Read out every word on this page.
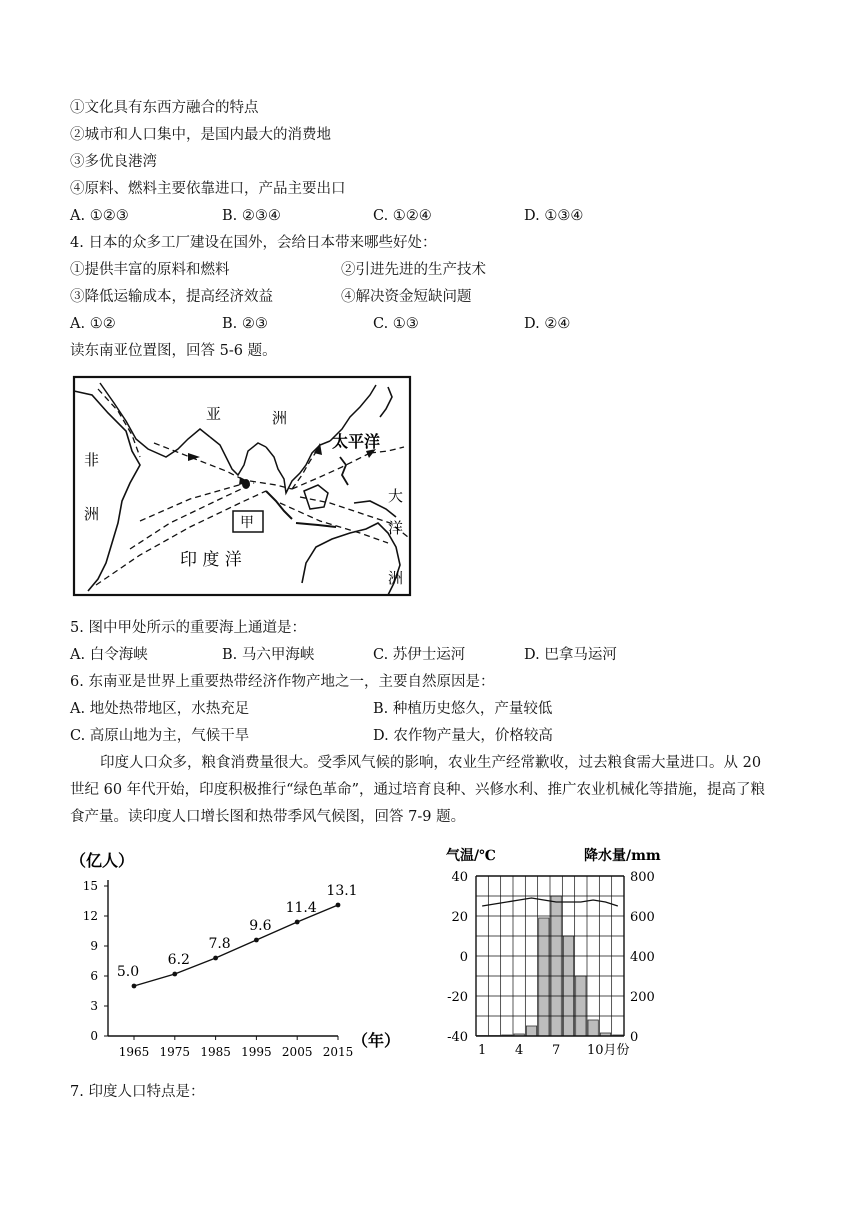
①文化具有东西方融合的特点
②城市和人口集中，是国内最大的消费地
③多优良港湾
④原料、燃料主要依靠进口，产品主要出口
A. ①②③	B. ②③④	C. ①②④	D. ①③④
4. 日本的众多工厂建设在国外，会给日本带来哪些好处：
①提供丰富的原料和燃料	②引进先进的生产技术
③降低运输成本，提高经济效益	④解决资金短缺问题
A. ①②	B. ②③	C. ①③	D. ②④
读东南亚位置图，回答 5-6 题。
亚	洲
非
洲
太平洋
大
洋
洲
印 度 洋
甲
5. 图中甲处所示的重要海上通道是：
A. 白令海峡	B. 马六甲海峡	C. 苏伊士运河	D. 巴拿马运河
6. 东南亚是世界上重要热带经济作物产地之一，主要自然原因是：
A. 地处热带地区，水热充足	B. 种植历史悠久，产量较低
C. 高原山地为主，气候干旱	D. 农作物产量大，价格较高
印度人口众多，粮食消费量很大。受季风气候的影响，农业生产经常歉收，过去粮食需大量进口。从 20
世纪 60 年代开始，印度积极推行“绿色革命”，通过培育良种、兴修水利、推广农业机械化等措施，提高了粮
食产量。读印度人口增长图和热带季风气候图，回答 7-9 题。
（亿人）
（年）
0
3
6
9
12
15
1965 1975 1985 1995 2005 2015
5.0
6.2
7.8
9.6
11.4
13.1
气温/℃	降水量/mm
40
20
0
-20
-40
800
600
400
200
0
1 4 7 10月份
7. 印度人口特点是：
